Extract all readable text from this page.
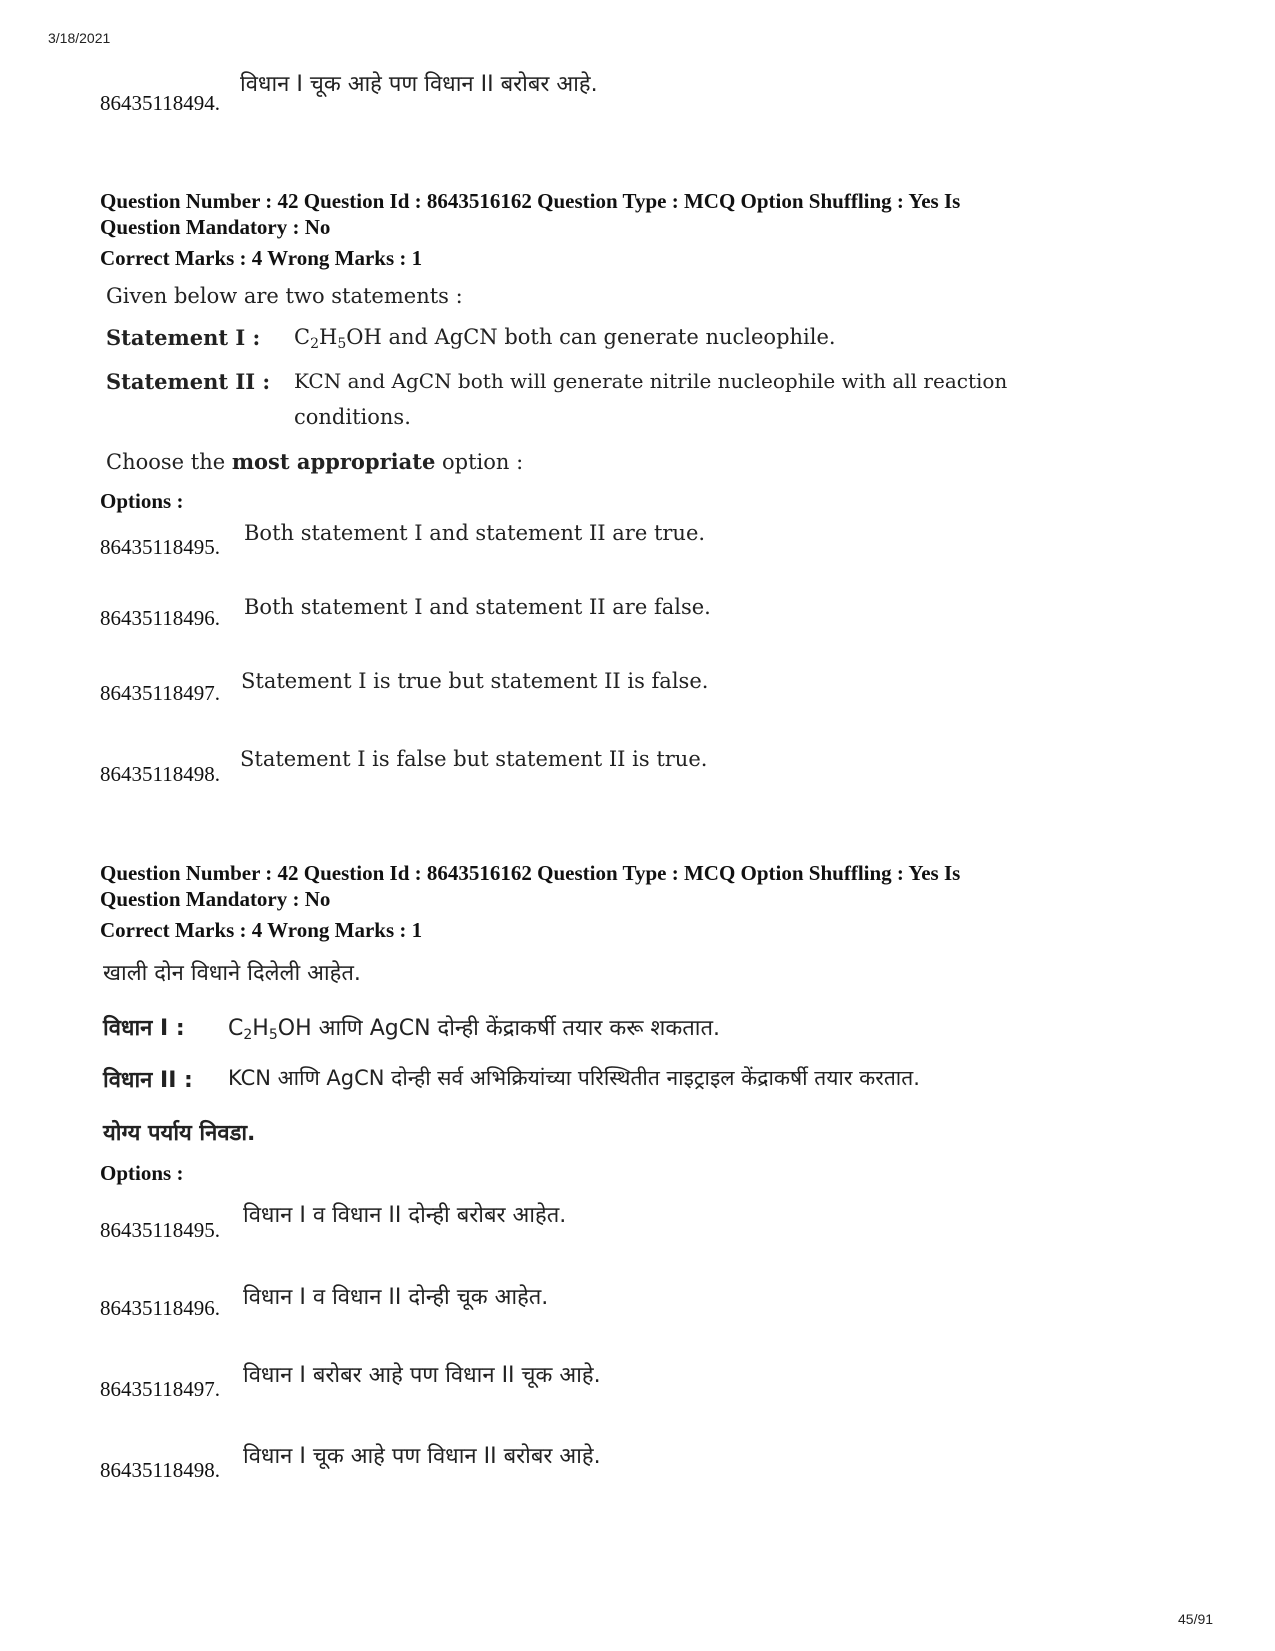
3/18/2021
45/91
विधान I चूक आहे पण विधान II बरोबर आहे.
86435118494.
Question Number : 42 Question Id : 8643516162 Question Type : MCQ Option Shuffling : Yes Is
Question Mandatory : No
Correct Marks : 4 Wrong Marks : 1
Given below are two statements :
Statement I : $C_2H_5OH$ and AgCN both can generate nucleophile.
Statement II : KCN and AgCN both will generate nitrile nucleophile with all reaction
conditions.
Choose the most appropriate option :
Options :
Both statement I and statement II are true.
86435118495.
Both statement I and statement II are false.
86435118496.
Statement I is true but statement II is false.
86435118497.
Statement I is false but statement II is true.
86435118498.
Question Number : 42 Question Id : 8643516162 Question Type : MCQ Option Shuffling : Yes Is
Question Mandatory : No
Correct Marks : 4 Wrong Marks : 1
खाली दोन विधाने दिलेली आहेत.
विधान I : $C_2H_5OH$ आणि AgCN दोन्ही केंद्राकर्षी तयार करू शकतात.
विधान II : KCN आणि AgCN दोन्ही सर्व अभिक्रियांच्या परिस्थितीत नाइट्राइल केंद्राकर्षी तयार करतात.
योग्य पर्याय निवडा.
Options :
विधान I व विधान II दोन्ही बरोबर आहेत.
86435118495.
विधान I व विधान II दोन्ही चूक आहेत.
86435118496.
विधान I बरोबर आहे पण विधान II चूक आहे.
86435118497.
विधान I चूक आहे पण विधान II बरोबर आहे.
86435118498.
